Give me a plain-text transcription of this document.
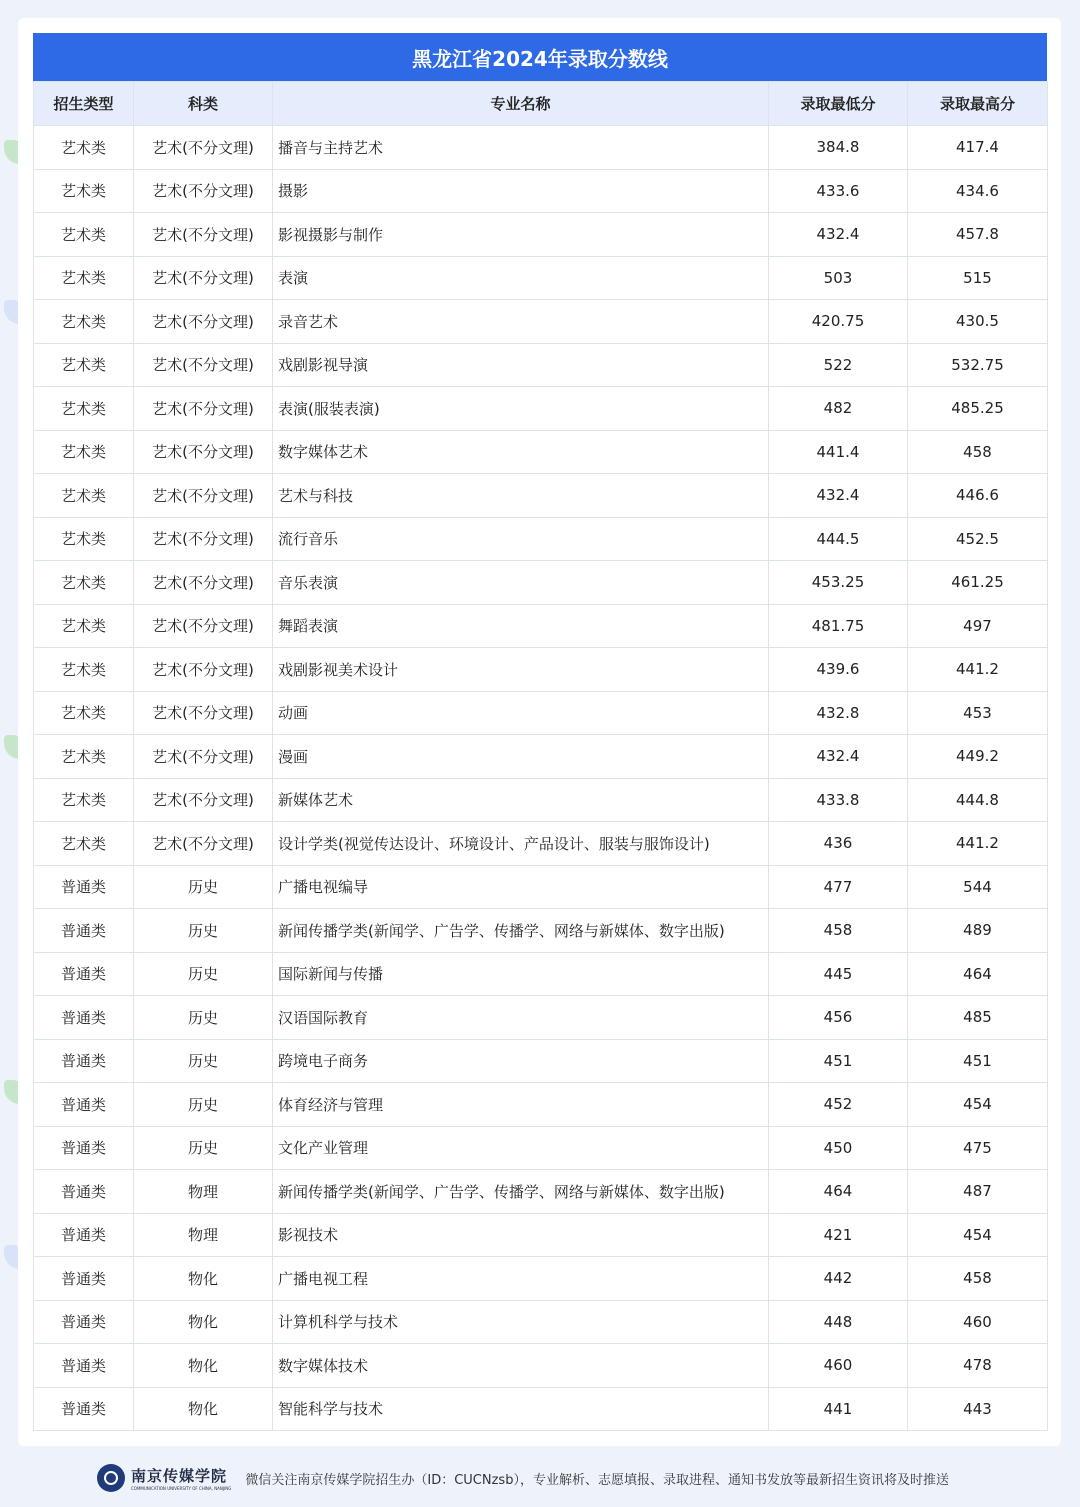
黑龙江省2024年录取分数线
招生类型	科类	专业名称	录取最低分	录取最高分
艺术类	艺术(不分文理)	播音与主持艺术	384.8	417.4
艺术类	艺术(不分文理)	摄影	433.6	434.6
艺术类	艺术(不分文理)	影视摄影与制作	432.4	457.8
艺术类	艺术(不分文理)	表演	503	515
艺术类	艺术(不分文理)	录音艺术	420.75	430.5
艺术类	艺术(不分文理)	戏剧影视导演	522	532.75
艺术类	艺术(不分文理)	表演(服装表演)	482	485.25
艺术类	艺术(不分文理)	数字媒体艺术	441.4	458
艺术类	艺术(不分文理)	艺术与科技	432.4	446.6
艺术类	艺术(不分文理)	流行音乐	444.5	452.5
艺术类	艺术(不分文理)	音乐表演	453.25	461.25
艺术类	艺术(不分文理)	舞蹈表演	481.75	497
艺术类	艺术(不分文理)	戏剧影视美术设计	439.6	441.2
艺术类	艺术(不分文理)	动画	432.8	453
艺术类	艺术(不分文理)	漫画	432.4	449.2
艺术类	艺术(不分文理)	新媒体艺术	433.8	444.8
艺术类	艺术(不分文理)	设计学类(视觉传达设计、环境设计、产品设计、服装与服饰设计)	436	441.2
普通类	历史	广播电视编导	477	544
普通类	历史	新闻传播学类(新闻学、广告学、传播学、网络与新媒体、数字出版)	458	489
普通类	历史	国际新闻与传播	445	464
普通类	历史	汉语国际教育	456	485
普通类	历史	跨境电子商务	451	451
普通类	历史	体育经济与管理	452	454
普通类	历史	文化产业管理	450	475
普通类	物理	新闻传播学类(新闻学、广告学、传播学、网络与新媒体、数字出版)	464	487
普通类	物理	影视技术	421	454
普通类	物化	广播电视工程	442	458
普通类	物化	计算机科学与技术	448	460
普通类	物化	数字媒体技术	460	478
普通类	物化	智能科学与技术	441	443
南京传媒学院
COMMUNICATION UNIVERSITY OF CHINA, NANJING
微信关注南京传媒学院招生办（ID：CUCNzsb），专业解析、志愿填报、录取进程、通知书发放等最新招生资讯将及时推送
